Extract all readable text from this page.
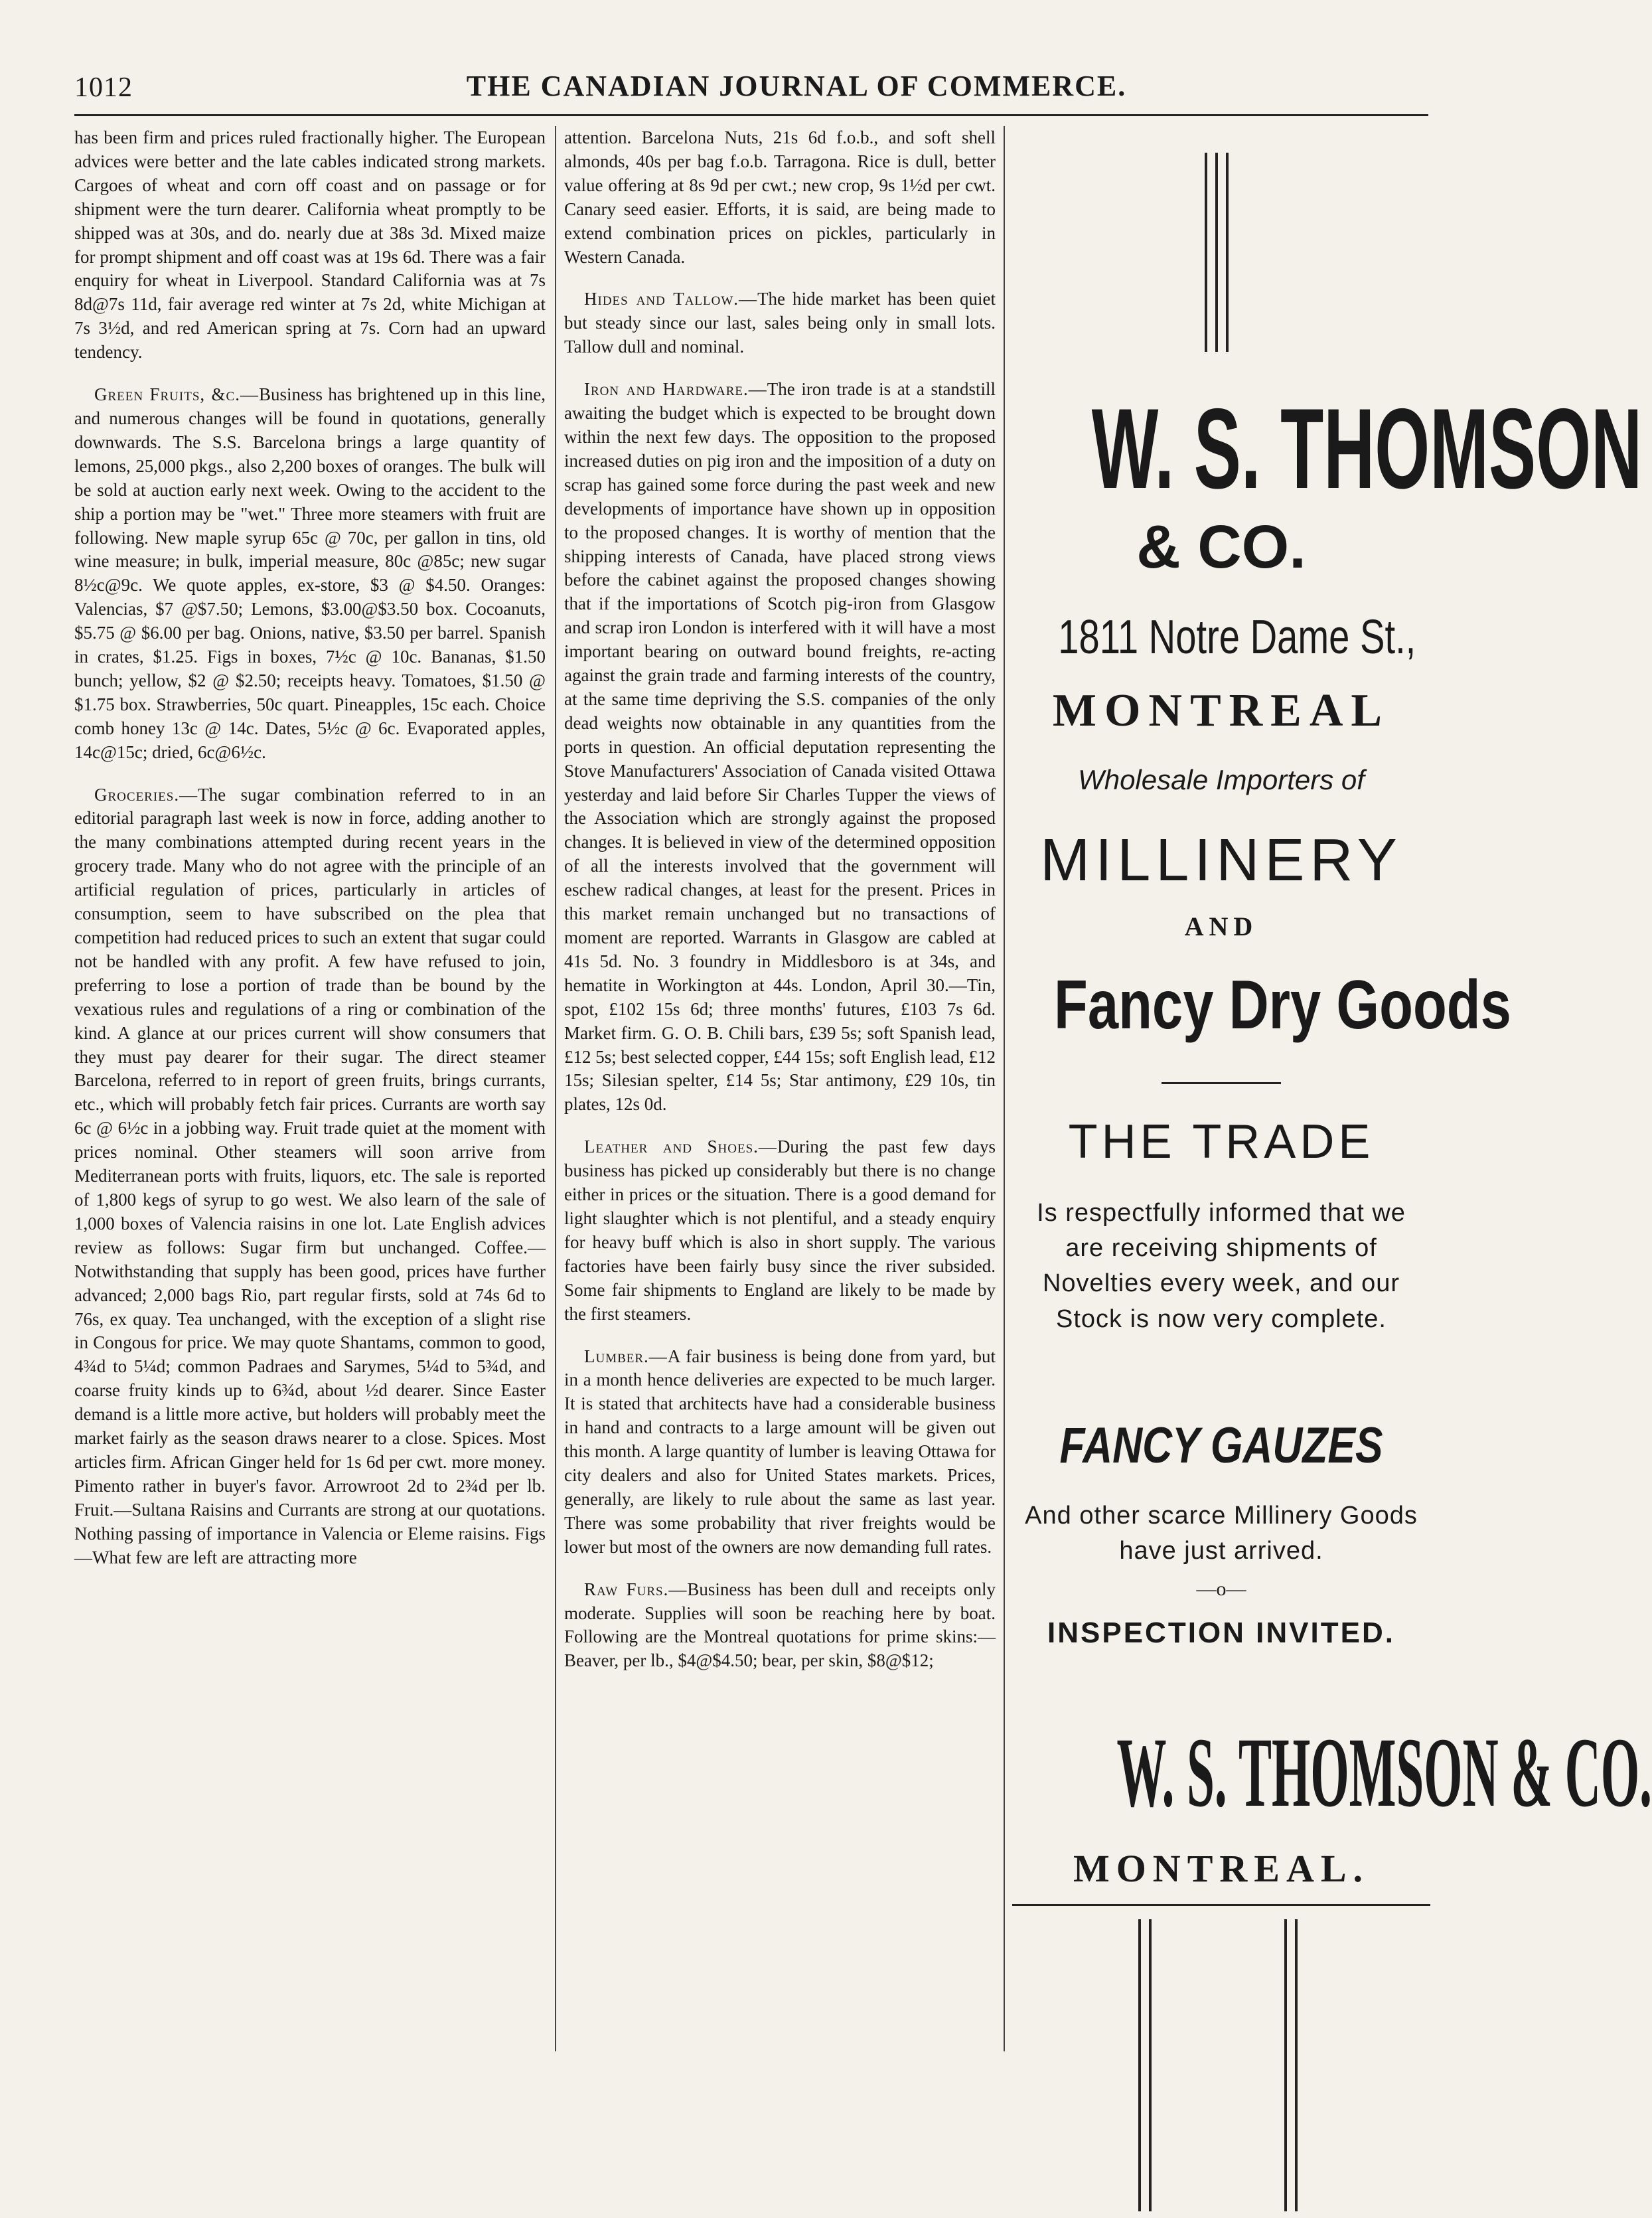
1012	THE CANADIAN JOURNAL OF COMMERCE.

has been firm and prices ruled fractionally higher. The European advices were better and the late cables indicated strong markets. Cargoes of wheat and corn off coast and on passage or for shipment were the turn dearer. California wheat promptly to be shipped was at 30s, and do. nearly due at 38s 3d. Mixed maize for prompt shipment and off coast was at 19s 6d. There was a fair enquiry for wheat in Liverpool. Standard California was at 7s 8d@7s 11d, fair average red winter at 7s 2d, white Michigan at 7s 3½d, and red American spring at 7s. Corn had an upward tendency.

Green Fruits, &c.—Business has brightened up in this line, and numerous changes will be found in quotations, generally downwards. The S.S. Barcelona brings a large quantity of lemons, 25,000 pkgs., also 2,200 boxes of oranges. The bulk will be sold at auction early next week. Owing to the accident to the ship a portion may be "wet." Three more steamers with fruit are following. New maple syrup 65c @ 70c, per gallon in tins, old wine measure; in bulk, imperial measure, 80c @85c; new sugar 8½c@9c. We quote apples, ex-store, $3 @ $4.50. Oranges: Valencias, $7 @$7.50; Lemons, $3.00@$3.50 box. Cocoanuts, $5.75 @ $6.00 per bag. Onions, native, $3.50 per barrel. Spanish in crates, $1.25. Figs in boxes, 7½c @ 10c. Bananas, $1.50 bunch; yellow, $2 @ $2.50; receipts heavy. Tomatoes, $1.50 @ $1.75 box. Strawberries, 50c quart. Pineapples, 15c each. Choice comb honey 13c @ 14c. Dates, 5½c @ 6c. Evaporated apples, 14c@15c; dried, 6c@6½c.

Groceries.—The sugar combination referred to in an editorial paragraph last week is now in force, adding another to the many combinations attempted during recent years in the grocery trade. Many who do not agree with the principle of an artificial regulation of prices, particularly in articles of consumption, seem to have subscribed on the plea that competition had reduced prices to such an extent that sugar could not be handled with any profit. A few have refused to join, preferring to lose a portion of trade than be bound by the vexatious rules and regulations of a ring or combination of the kind. A glance at our prices current will show consumers that they must pay dearer for their sugar. The direct steamer Barcelona, referred to in report of green fruits, brings currants, etc., which will probably fetch fair prices. Currants are worth say 6c @ 6½c in a jobbing way. Fruit trade quiet at the moment with prices nominal. Other steamers will soon arrive from Mediterranean ports with fruits, liquors, etc. The sale is reported of 1,800 kegs of syrup to go west. We also learn of the sale of 1,000 boxes of Valencia raisins in one lot. Late English advices review as follows: Sugar firm but unchanged. Coffee.—Notwithstanding that supply has been good, prices have further advanced; 2,000 bags Rio, part regular firsts, sold at 74s 6d to 76s, ex quay. Tea unchanged, with the exception of a slight rise in Congous for price. We may quote Shantams, common to good, 4¾d to 5¼d; common Padraes and Sarymes, 5¼d to 5¾d, and coarse fruity kinds up to 6¾d, about ½d dearer. Since Easter demand is a little more active, but holders will probably meet the market fairly as the season draws nearer to a close. Spices. Most articles firm. African Ginger held for 1s 6d per cwt. more money. Pimento rather in buyer's favor. Arrowroot 2d to 2¾d per lb. Fruit.—Sultana Raisins and Currants are strong at our quotations. Nothing passing of importance in Valencia or Eleme raisins. Figs—What few are left are attracting more

attention. Barcelona Nuts, 21s 6d f.o.b., and soft shell almonds, 40s per bag f.o.b. Tarragona. Rice is dull, better value offering at 8s 9d per cwt.; new crop, 9s 1½d per cwt. Canary seed easier. Efforts, it is said, are being made to extend combination prices on pickles, particularly in Western Canada.

Hides and Tallow.—The hide market has been quiet but steady since our last, sales being only in small lots. Tallow dull and nominal.

Iron and Hardware.—The iron trade is at a standstill awaiting the budget which is expected to be brought down within the next few days. The opposition to the proposed increased duties on pig iron and the imposition of a duty on scrap has gained some force during the past week and new developments of importance have shown up in opposition to the proposed changes. It is worthy of mention that the shipping interests of Canada, have placed strong views before the cabinet against the proposed changes showing that if the importations of Scotch pig-iron from Glasgow and scrap iron London is interfered with it will have a most important bearing on outward bound freights, re-acting against the grain trade and farming interests of the country, at the same time depriving the S.S. companies of the only dead weights now obtainable in any quantities from the ports in question. An official deputation representing the Stove Manufacturers' Association of Canada visited Ottawa yesterday and laid before Sir Charles Tupper the views of the Association which are strongly against the proposed changes. It is believed in view of the determined opposition of all the interests involved that the government will eschew radical changes, at least for the present. Prices in this market remain unchanged but no transactions of moment are reported. Warrants in Glasgow are cabled at 41s 5d. No. 3 foundry in Middlesboro is at 34s, and hematite in Workington at 44s. London, April 30.—Tin, spot, £102 15s 6d; three months' futures, £103 7s 6d. Market firm. G. O. B. Chili bars, £39 5s; soft Spanish lead, £12 5s; best selected copper, £44 15s; soft English lead, £12 15s; Silesian spelter, £14 5s; Star antimony, £29 10s, tin plates, 12s 0d.

Leather and Shoes.—During the past few days business has picked up considerably but there is no change either in prices or the situation. There is a good demand for light slaughter which is not plentiful, and a steady enquiry for heavy buff which is also in short supply. The various factories have been fairly busy since the river subsided. Some fair shipments to England are likely to be made by the first steamers.

Lumber.—A fair business is being done from yard, but in a month hence deliveries are expected to be much larger. It is stated that architects have had a considerable business in hand and contracts to a large amount will be given out this month. A large quantity of lumber is leaving Ottawa for city dealers and also for United States markets. Prices, generally, are likely to rule about the same as last year. There was some probability that river freights would be lower but most of the owners are now demanding full rates.

Raw Furs.—Business has been dull and receipts only moderate. Supplies will soon be reaching here by boat. Following are the Montreal quotations for prime skins:—Beaver, per lb., $4@$4.50; bear, per skin, $8@$12;

W. S. THOMSON
& CO.
1811 Notre Dame St.,
MONTREAL
Wholesale Importers of
MILLINERY
AND
Fancy Dry Goods
THE TRADE
Is respectfully informed that we are receiving shipments of Novelties every week, and our Stock is now very complete.
FANCY GAUZES
And other scarce Millinery Goods have just arrived.
—o—
INSPECTION INVITED.
W. S. THOMSON & CO.
MONTREAL.
